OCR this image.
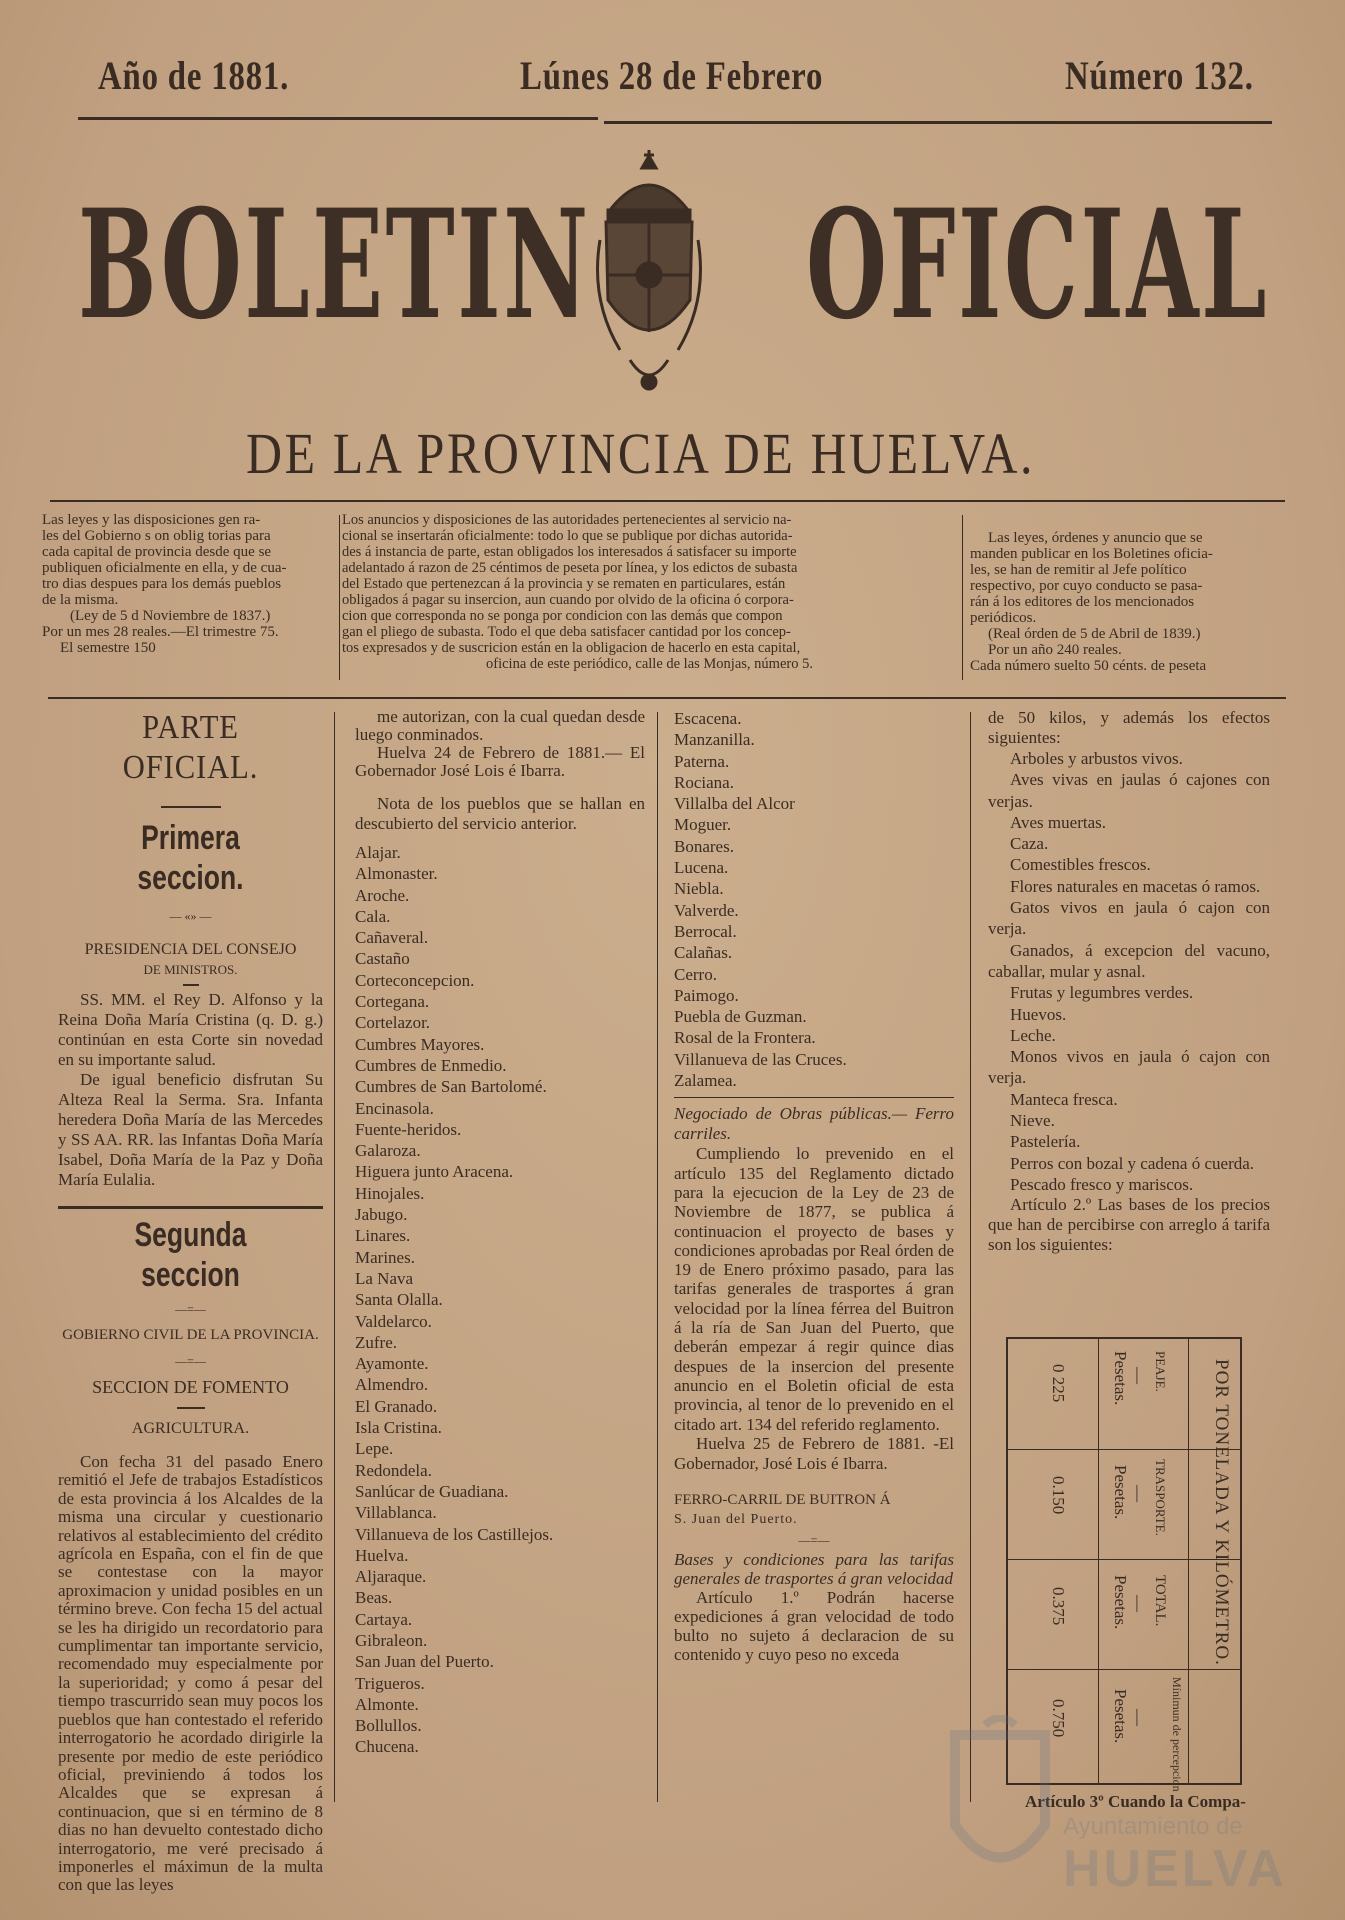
Año de 1881.	Lúnes 28 de Febrero	Número 132.
BOLETIN OFICIAL
DE LA PROVINCIA DE HUELVA.
Las leyes y las disposiciones gen ra-
les del Gobierno s on oblig torias para
cada capital de provincia desde que se
publiquen oficialmente en ella, y de cua-
tro dias despues para los demás pueblos
de la misma.
(Ley de 5 d Noviembre de 1837.)
Por un mes 28 reales.—El trimestre 75.
El semestre 150
Los anuncios y disposiciones de las autoridades pertenecientes al servicio na-
cional se insertarán oficialmente: todo lo que se publique por dichas autorida-
des á instancia de parte, estan obligados los interesados á satisfacer su importe
adelantado á razon de 25 céntimos de peseta por línea, y los edictos de subasta
del Estado que pertenezcan á la provincia y se rematen en particulares, están
obligados á pagar su insercion, aun cuando por olvido de la oficina ó corpora-
cion que corresponda no se ponga por condicion con las demás que compon
gan el pliego de subasta. Todo el que deba satisfacer cantidad por los concep-
tos expresados y de suscricion están en la obligacion de hacerlo en esta capital,
oficina de este periódico, calle de las Monjas, número 5.
Las leyes, órdenes y anuncio que se
manden publicar en los Boletines oficia-
les, se han de remitir al Jefe político
respectivo, por cuyo conducto se pasa-
rán á los editores de los mencionados
periódicos.
(Real órden de 5 de Abril de 1839.)
Por un año 240 reales.
Cada número suelto 50 cénts. de peseta
PARTE OFICIAL.
Primera seccion.
— «» —
PRESIDENCIA DEL CONSEJO
DE MINISTROS.

SS. MM. el Rey D. Alfonso y la Reina Doña María Cristina (q. D. g.) continúan en esta Corte sin novedad en su importante salud.

De igual beneficio disfrutan Su Alteza Real la Serma. Sra. Infanta heredera Doña María de las Mercedes y SS AA. RR. las Infantas Doña María Isabel, Doña María de la Paz y Doña María Eulalia.

Segunda seccion
—=—
GOBIERNO CIVIL DE LA PROVINCIA.
—=—
SECCION DE FOMENTO
AGRICULTURA.

Con fecha 31 del pasado Enero remitió el Jefe de trabajos Estadísticos de esta provincia á los Alcaldes de la misma una circular y cuestionario relativos al establecimiento del crédito agrícola en España, con el fin de que se contestase con la mayor aproximacion y unidad posibles en un término breve. Con fecha 15 del actual se les ha dirigido un recordatorio para cumplimentar tan importante servicio, recomendado muy especialmente por la superioridad; y como á pesar del tiempo trascurrido sean muy pocos los pueblos que han contestado el referido interrogatorio he acordado dirigirle la presente por medio de este periódico oficial, previniendo á todos los Alcaldes que se expresan á continuacion, que si en término de 8 dias no han devuelto contestado dicho interrogatorio, me veré precisado á imponerles el máximun de la multa con que las leyes

me autorizan, con la cual quedan desde luego conminados.

Huelva 24 de Febrero de 1881.— El Gobernador José Lois é Ibarra.

Nota de los pueblos que se hallan en descubierto del servicio anterior.

Alajar.
Almonaster.
Aroche.
Cala.
Cañaveral.
Castaño
Corteconcepcion.
Cortegana.
Cortelazor.
Cumbres Mayores.
Cumbres de Enmedio.
Cumbres de San Bartolomé.
Encinasola.
Fuente-heridos.
Galaroza.
Higuera junto Aracena.
Hinojales.
Jabugo.
Linares.
Marines.
La Nava
Santa Olalla.
Valdelarco.
Zufre.
Ayamonte.
Almendro.
El Granado.
Isla Cristina.
Lepe.
Redondela.
Sanlúcar de Guadiana.
Villablanca.
Villanueva de los Castillejos.
Huelva.
Aljaraque.
Beas.
Cartaya.
Gibraleon.
San Juan del Puerto.
Trigueros.
Almonte.
Bollullos.
Chucena.
Escacena.
Manzanilla.
Paterna.
Rociana.
Villalba del Alcor
Moguer.
Bonares.
Lucena.
Niebla.
Valverde.
Berrocal.
Calañas.
Cerro.
Paimogo.
Puebla de Guzman.
Rosal de la Frontera.
Villanueva de las Cruces.
Zalamea.

Negociado de Obras públicas.— Ferro carriles.

Cumpliendo lo prevenido en el artículo 135 del Reglamento dictado para la ejecucion de la Ley de 23 de Noviembre de 1877, se publica á continuacion el proyecto de bases y condiciones aprobadas por Real órden de 19 de Enero próximo pasado, para las tarifas generales de trasportes á gran velocidad por la línea férrea del Buitron á la ría de San Juan del Puerto, que deberán empezar á regir quince dias despues de la insercion del presente anuncio en el Boletin oficial de esta provincia, al tenor de lo prevenido en el citado art. 134 del referido reglamento.

Huelva 25 de Febrero de 1881. -El Gobernador, José Lois é Ibarra.

FERRO-CARRIL DE BUITRON Á

S. Juan del Puerto.

—=—

Bases y condiciones para las tarifas generales de trasportes á gran velocidad

Artículo 1.º Podrán hacerse expediciones á gran velocidad de todo bulto no sujeto á declaracion de su contenido y cuyo peso no exceda

de 50 kilos, y además los efectos siguientes:

Arboles y arbustos vivos.

Aves vivas en jaulas ó cajones con verjas.

Aves muertas.

Caza.

Comestibles frescos.

Flores naturales en macetas ó ramos.

Gatos vivos en jaula ó cajon con verja.

Ganados, á excepcion del vacuno, caballar, mular y asnal.

Frutas y legumbres verdes.

Huevos.

Leche.

Monos vivos en jaula ó cajon con verja.

Manteca fresca.

Nieve.

Pastelería.

Perros con bozal y cadena ó cuerda.

Pescado fresco y mariscos.

Artículo 2.º Las bases de los precios que han de percibirse con arreglo á tarifa son los siguientes:

POR TONELADA Y KILÓMETRO.
PEAJE.
—
Pesetas.
0 225
TRASPORTE.
—
Pesetas.
0.150
TOTAL.
—
Pesetas.
0.375
Mínimun de percepcion
—
Pesetas.
0.750

Artículo 3º Cuando la Compa-

Ayuntamiento de
HUELVA
